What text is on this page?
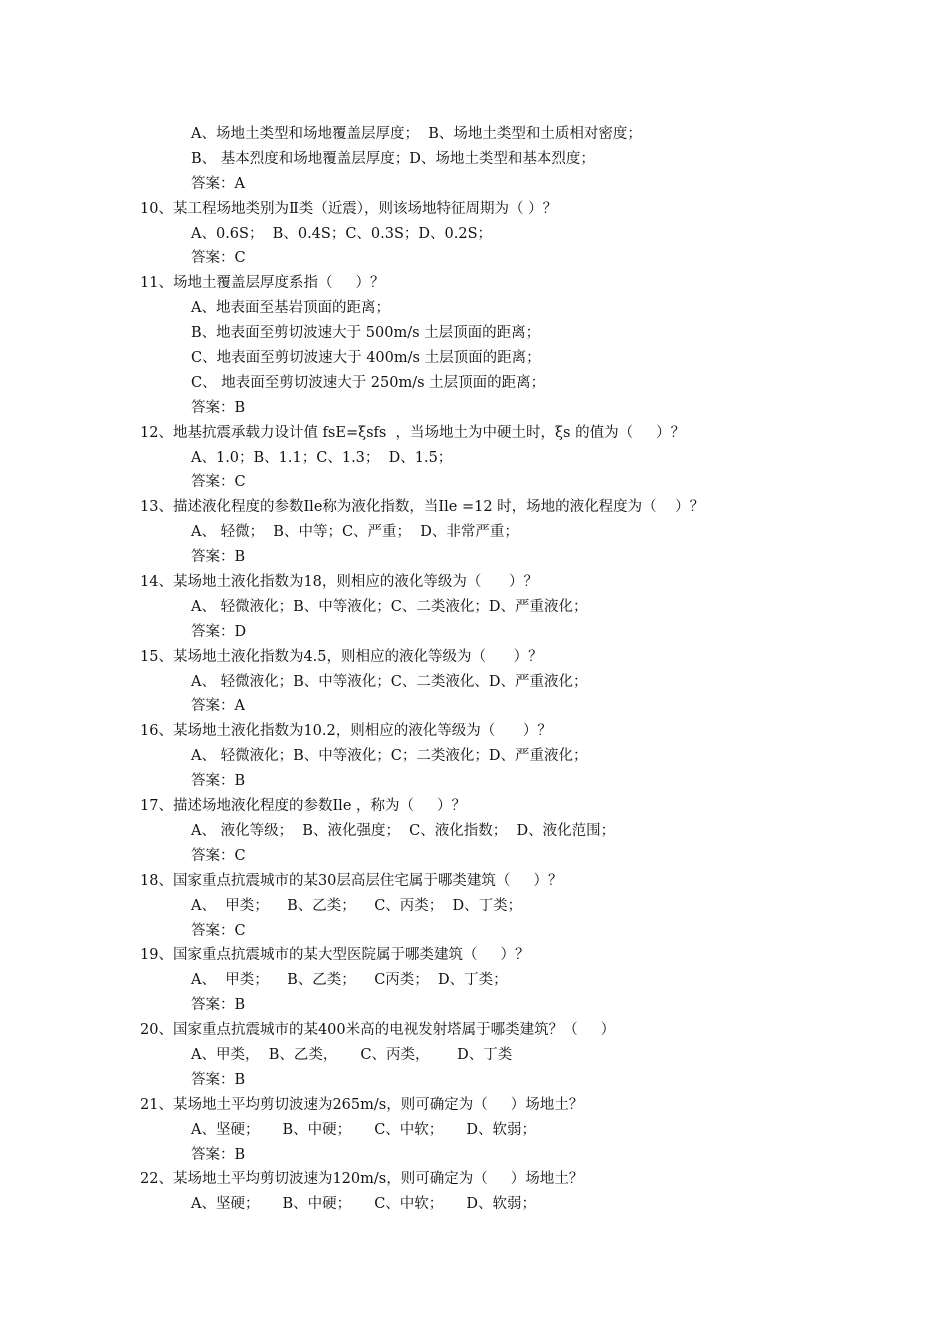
A、场地土类型和场地覆盖层厚度；  B、场地土类型和土质相对密度；
B、 基本烈度和场地覆盖层厚度；D、场地土类型和基本烈度；
答案：A
10、某工程场地类别为Ⅱ类（近震），则该场地特征周期为（ ）？
A、0.6S；  B、0.4S；C、0.3S；D、0.2S；
答案：C
11、场地土覆盖层厚度系指（     ）？
A、地表面至基岩顶面的距离；
B、地表面至剪切波速大于 500m/s 土层顶面的距离；
C、地表面至剪切波速大于 400m/s 土层顶面的距离；
C、 地表面至剪切波速大于 250m/s 土层顶面的距离；
答案：B
12、地基抗震承载力设计值 fsE=ξsfs  ，当场地土为中硬土时，ξs 的值为（     ）？
A、1.0；B、1.1；C、1.3；  D、1.5；
答案：C
13、描述液化程度的参数Ⅰle称为液化指数，当Ⅰle =12 时，场地的液化程度为（    ）？
A、 轻微；  B、中等；C、严重；  D、非常严重；
答案：B
14、某场地土液化指数为18，则相应的液化等级为（      ）？
A、 轻微液化；B、中等液化；C、二类液化；D、严重液化；
答案：D
15、某场地土液化指数为4.5，则相应的液化等级为（      ）？
A、 轻微液化；B、中等液化；C、二类液化、D、严重液化；
答案：A
16、某场地土液化指数为10.2，则相应的液化等级为（      ）？
A、 轻微液化；B、中等液化；C；二类液化；D、严重液化；
答案：B
17、描述场地液化程度的参数Ⅰle ，称为（     ）？
A、 液化等级；  B、液化强度；  C、液化指数；  D、液化范围；
答案：C
18、国家重点抗震城市的某30层高层住宅属于哪类建筑（     ）？
A、  甲类；    B、乙类；    C、丙类；  D、丁类；
答案：C
19、国家重点抗震城市的某大型医院属于哪类建筑（     ）？
A、  甲类；    B、乙类；    C丙类；  D、丁类；
答案：B
20、国家重点抗震城市的某400米高的电视发射塔属于哪类建筑？（     ）
A、甲类，  B、乙类，     C、丙类，      D、丁类
答案：B
21、某场地土平均剪切波速为265m/s，则可确定为（     ）场地土？
A、坚硬；     B、中硬；     C、中软；     D、软弱；
答案：B
22、某场地土平均剪切波速为120m/s，则可确定为（     ）场地土？
A、坚硬；     B、中硬；     C、中软；     D、软弱；
